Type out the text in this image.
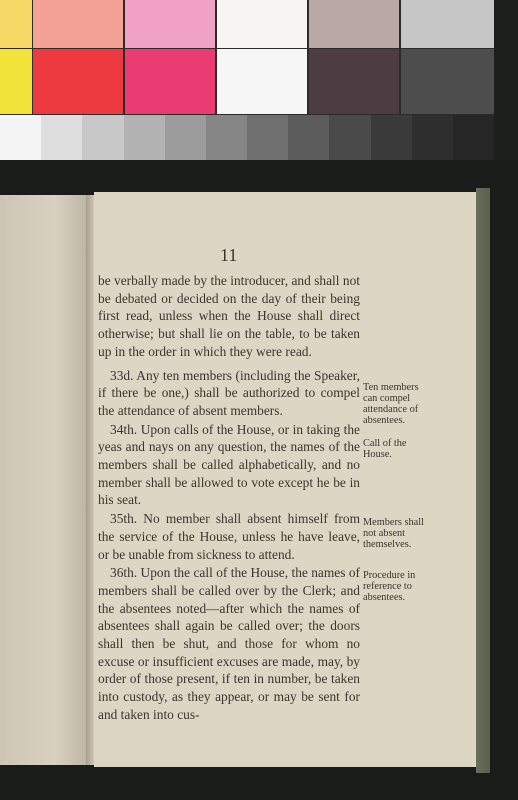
11

be verbally made by the introducer, and shall not be debated or decided on the day of their being first read, unless when the House shall direct otherwise; but shall lie on the table, to be taken up in the order in which they were read.

33d. Any ten members (including the Speaker, if there be one,) shall be authorized to compel the attendance of absent members.

34th. Upon calls of the House, or in taking the yeas and nays on any question, the names of the members shall be called alphabetically, and no member shall be allowed to vote except he be in his seat.

35th. No member shall absent himself from the service of the House, unless he have leave, or be unable from sickness to attend.

36th. Upon the call of the House, the names of members shall be called over by the Clerk; and the absentees noted—after which the names of absentees shall again be called over; the doors shall then be shut, and those for whom no excuse or insufficient excuses are made, may, by order of those present, if ten in number, be taken into custody, as they appear, or may be sent for and taken into cus-

Ten members can compel attendance of absentees.
Call of the House.
Members shall not absent themselves.
Procedure in reference to absentees.
